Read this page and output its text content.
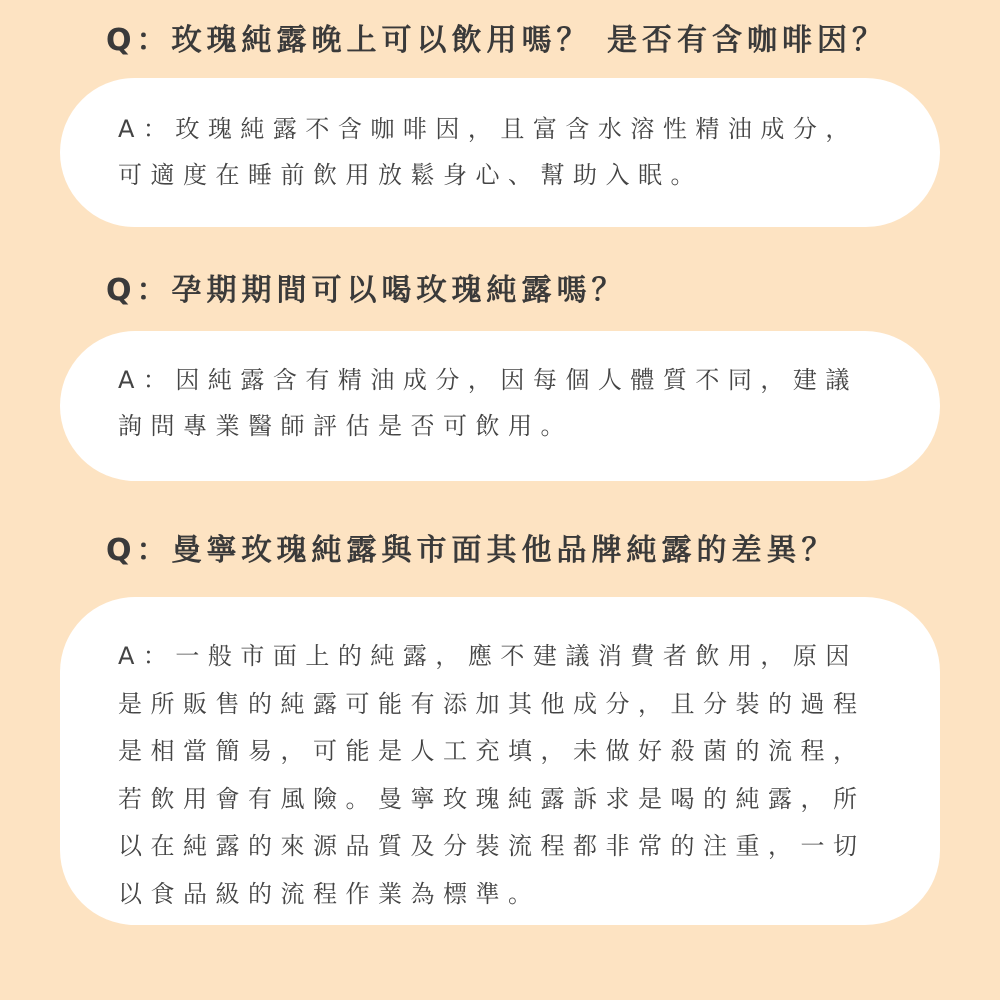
Q：玫瑰純露晚上可以飲用嗎？ 是否有含咖啡因？

A：玫瑰純露不含咖啡因，且富含水溶性精油成分，

可適度在睡前飲用放鬆身心、幫助入眠。

Q：孕期期間可以喝玫瑰純露嗎？

A：因純露含有精油成分，因每個人體質不同，建議

詢問專業醫師評估是否可飲用。

Q：曼寧玫瑰純露與市面其他品牌純露的差異？

A：一般市面上的純露，應不建議消費者飲用，原因

是所販售的純露可能有添加其他成分，且分裝的過程

是相當簡易，可能是人工充填，未做好殺菌的流程，

若飲用會有風險。曼寧玫瑰純露訴求是喝的純露，所

以在純露的來源品質及分裝流程都非常的注重，一切

以食品級的流程作業為標準。
